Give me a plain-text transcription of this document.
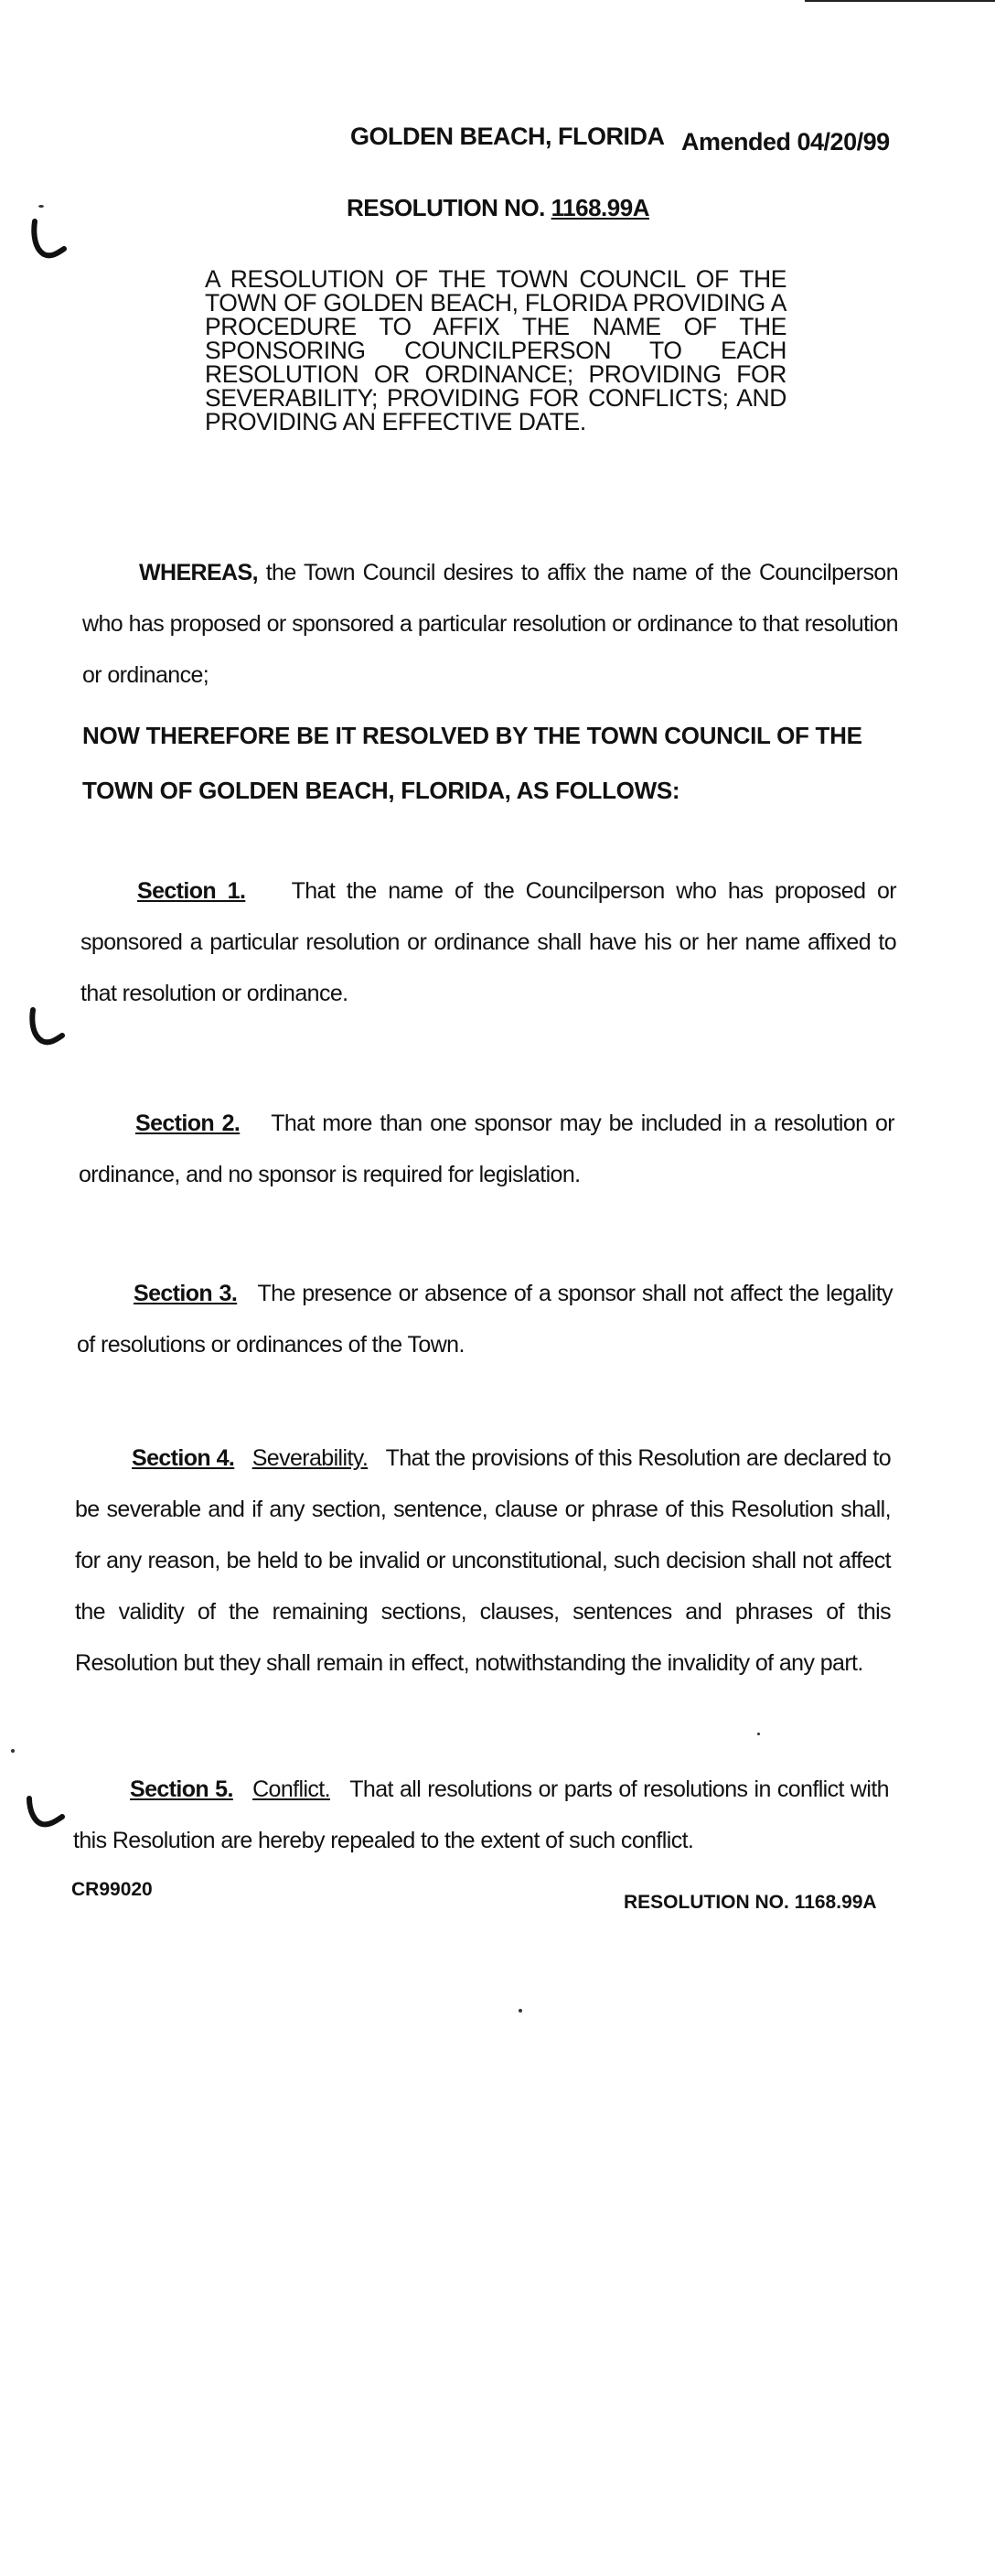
GOLDEN BEACH, FLORIDA Amended 04/20/99
RESOLUTION NO. 1168.99A
A RESOLUTION OF THE TOWN COUNCIL OF THE TOWN OF GOLDEN BEACH, FLORIDA PROVIDING A PROCEDURE TO AFFIX THE NAME OF THE SPONSORING COUNCILPERSON TO EACH RESOLUTION OR ORDINANCE; PROVIDING FOR SEVERABILITY; PROVIDING FOR CONFLICTS; AND PROVIDING AN EFFECTIVE DATE.
WHEREAS, the Town Council desires to affix the name of the Councilperson who has proposed or sponsored a particular resolution or ordinance to that resolution or ordinance;
NOW THEREFORE BE IT RESOLVED BY THE TOWN COUNCIL OF THE TOWN OF GOLDEN BEACH, FLORIDA, AS FOLLOWS:
Section 1. That the name of the Councilperson who has proposed or sponsored a particular resolution or ordinance shall have his or her name affixed to that resolution or ordinance.
Section 2. That more than one sponsor may be included in a resolution or ordinance, and no sponsor is required for legislation.
Section 3. The presence or absence of a sponsor shall not affect the legality of resolutions or ordinances of the Town.
Section 4. Severability. That the provisions of this Resolution are declared to be severable and if any section, sentence, clause or phrase of this Resolution shall, for any reason, be held to be invalid or unconstitutional, such decision shall not affect the validity of the remaining sections, clauses, sentences and phrases of this Resolution but they shall remain in effect, notwithstanding the invalidity of any part.
Section 5. Conflict. That all resolutions or parts of resolutions in conflict with this Resolution are hereby repealed to the extent of such conflict.
CR99020
RESOLUTION NO. 1168.99A
